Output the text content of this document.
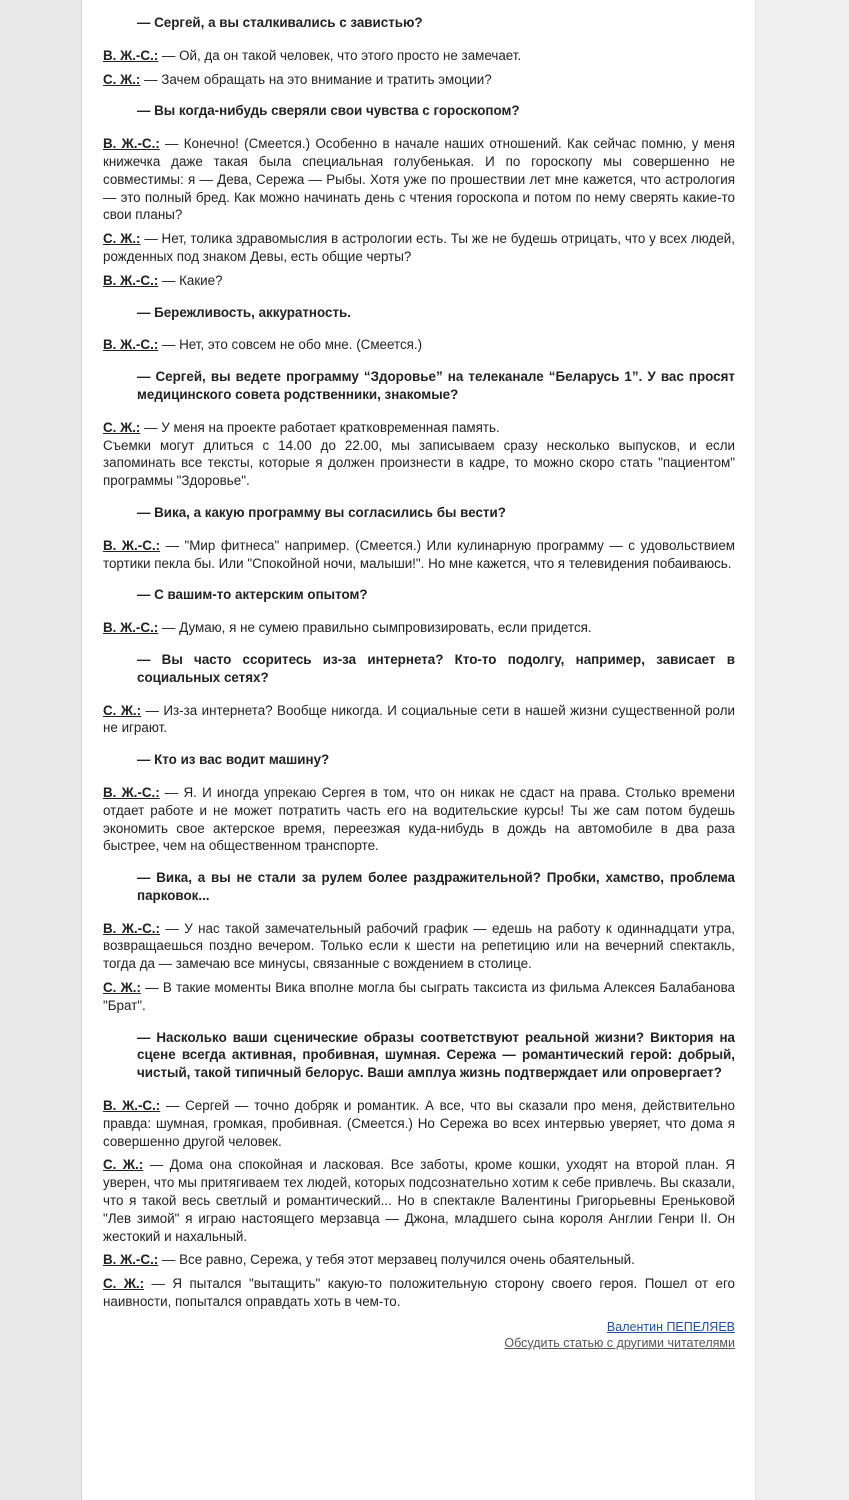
— Сергей, а вы сталкивались с завистью?

В. Ж.-С.: — Ой, да он такой человек, что этого просто не замечает.

С. Ж.: — Зачем обращать на это внимание и тратить эмоции?

— Вы когда-нибудь сверяли свои чувства с гороскопом?

В. Ж.-С.: — Конечно! (Смеется.) Особенно в начале наших отношений. Как сейчас помню, у меня книжечка даже такая была специальная голубенькая. И по гороскопу мы совершенно не совместимы: я — Дева, Сережа — Рыбы. Хотя уже по прошествии лет мне кажется, что астрология — это полный бред. Как можно начинать день с чтения гороскопа и потом по нему сверять какие-то свои планы?

С. Ж.: — Нет, толика здравомыслия в астрологии есть. Ты же не будешь отрицать, что у всех людей, рожденных под знаком Девы, есть общие черты?

В. Ж.-С.: — Какие?

— Бережливость, аккуратность.

В. Ж.-С.: — Нет, это совсем не обо мне. (Смеется.)

— Сергей, вы ведете программу “Здоровье” на телеканале “Беларусь 1”. У вас просят медицинского совета родственники, знакомые?

С. Ж.: — У меня на проекте работает кратковременная память.
Съемки могут длиться с 14.00 до 22.00, мы записываем сразу несколько выпусков, и если запоминать все тексты, которые я должен произнести в кадре, то можно скоро стать "пациентом" программы "Здоровье".

— Вика, а какую программу вы согласились бы вести?

В. Ж.-С.: — "Мир фитнеса" например. (Смеется.) Или кулинарную программу — с удовольствием тортики пекла бы. Или "Спокойной ночи, малыши!". Но мне кажется, что я телевидения побаиваюсь.

— С вашим-то актерским опытом?

В. Ж.-С.: — Думаю, я не сумею правильно сымпровизировать, если придется.

— Вы часто ссоритесь из-за интернета? Кто-то подолгу, например, зависает в социальных сетях?

С. Ж.: — Из-за интернета? Вообще никогда. И социальные сети в нашей жизни существенной роли не играют.

— Кто из вас водит машину?

В. Ж.-С.: — Я. И иногда упрекаю Сергея в том, что он никак не сдаст на права. Столько времени отдает работе и не может потратить часть его на водительские курсы! Ты же сам потом будешь экономить свое актерское время, переезжая куда-нибудь в дождь на автомобиле в два раза быстрее, чем на общественном транспорте.

— Вика, а вы не стали за рулем более раздражительной? Пробки, хамство, проблема парковок...

В. Ж.-С.: — У нас такой замечательный рабочий график — едешь на работу к одиннадцати утра, возвращаешься поздно вечером. Только если к шести на репетицию или на вечерний спектакль, тогда да — замечаю все минусы, связанные с вождением в столице.

С. Ж.: — В такие моменты Вика вполне могла бы сыграть таксиста из фильма Алексея Балабанова "Брат".

— Насколько ваши сценические образы соответствуют реальной жизни? Виктория на сцене всегда активная, пробивная, шумная. Сережа — романтический герой: добрый, чистый, такой типичный белорус. Ваши амплуа жизнь подтверждает или опровергает?

В. Ж.-С.: — Сергей — точно добряк и романтик. А все, что вы сказали про меня, действительно правда: шумная, громкая, пробивная. (Смеется.) Но Сережа во всех интервью уверяет, что дома я совершенно другой человек.

С. Ж.: — Дома она спокойная и ласковая. Все заботы, кроме кошки, уходят на второй план. Я уверен, что мы притягиваем тех людей, которых подсознательно хотим к себе привлечь. Вы сказали, что я такой весь светлый и романтический... Но в спектакле Валентины Григорьевны Ереньковой "Лев зимой" я играю настоящего мерзавца — Джона, младшего сына короля Англии Генри II. Он жестокий и нахальный.

В. Ж.-С.: — Все равно, Сережа, у тебя этот мерзавец получился очень обаятельный.

С. Ж.: — Я пытался "вытащить" какую-то положительную сторону своего героя. Пошел от его наивности, попытался оправдать хоть в чем-то.

Валентин ПЕПЕЛЯЕВ
Обсудить статью с другими читателями
